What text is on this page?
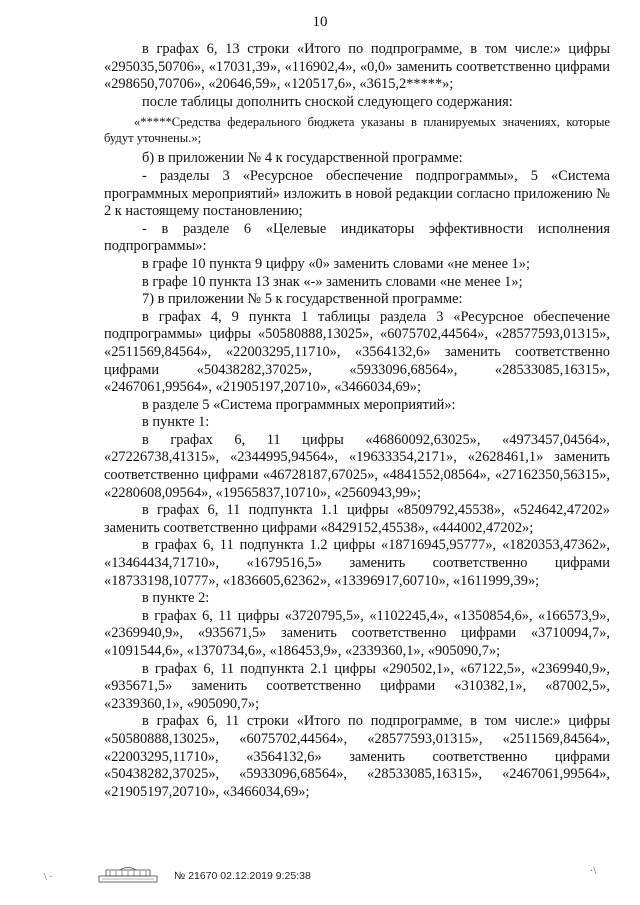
10

в графах 6, 13 строки «Итого по подпрограмме, в том числе:» цифры «295035,50706», «17031,39», «116902,4», «0,0» заменить соответственно цифрами «298650,70706», «20646,59», «120517,6», «3615,2*****»;

после таблицы дополнить сноской следующего содержания:

«*****Средства федерального бюджета указаны в планируемых значениях, которые будут уточнены.»;

б) в приложении № 4 к государственной программе:

- разделы 3 «Ресурсное обеспечение подпрограммы», 5 «Система программных мероприятий» изложить в новой редакции согласно приложению № 2 к настоящему постановлению;

- в разделе 6 «Целевые индикаторы эффективности исполнения подпрограммы»:

в графе 10 пункта 9 цифру «0» заменить словами «не менее 1»;

в графе 10 пункта 13 знак «-» заменить словами «не менее 1»;

7) в приложении № 5 к государственной программе:

в графах 4, 9 пункта 1 таблицы раздела 3 «Ресурсное обеспечение подпрограммы» цифры «50580888,13025», «6075702,44564», «28577593,01315», «2511569,84564», «22003295,11710», «3564132,6» заменить соответственно цифрами «50438282,37025», «5933096,68564», «28533085,16315», «2467061,99564», «21905197,20710», «3466034,69»;

в разделе 5 «Система программных мероприятий»:

в пункте 1:

в графах 6, 11 цифры «46860092,63025», «4973457,04564», «27226738,41315», «2344995,94564», «19633354,2171», «2628461,1» заменить соответственно цифрами «46728187,67025», «4841552,08564», «27162350,56315», «2280608,09564», «19565837,10710», «2560943,99»;

в графах 6, 11 подпункта 1.1 цифры «8509792,45538», «524642,47202» заменить соответственно цифрами «8429152,45538», «444002,47202»;

в графах 6, 11 подпункта 1.2 цифры «18716945,95777», «1820353,47362», «13464434,71710», «1679516,5» заменить соответственно цифрами «18733198,10777», «1836605,62362», «13396917,60710», «1611999,39»;

в пункте 2:

в графах 6, 11 цифры «3720795,5», «1102245,4», «1350854,6», «166573,9», «2369940,9», «935671,5» заменить соответственно цифрами «3710094,7», «1091544,6», «1370734,6», «186453,9», «2339360,1», «905090,7»;

в графах 6, 11 подпункта 2.1 цифры «290502,1», «67122,5», «2369940,9», «935671,5» заменить соответственно цифрами «310382,1», «87002,5», «2339360,1», «905090,7»;

в графах 6, 11 строки «Итого по подпрограмме, в том числе:» цифры «50580888,13025», «6075702,44564», «28577593,01315», «2511569,84564», «22003295,11710», «3564132,6» заменить соответственно цифрами «50438282,37025», «5933096,68564», «28533085,16315», «2467061,99564», «21905197,20710», «3466034,69»;

№ 21670 02.12.2019 9:25:38
\ ·
·\
